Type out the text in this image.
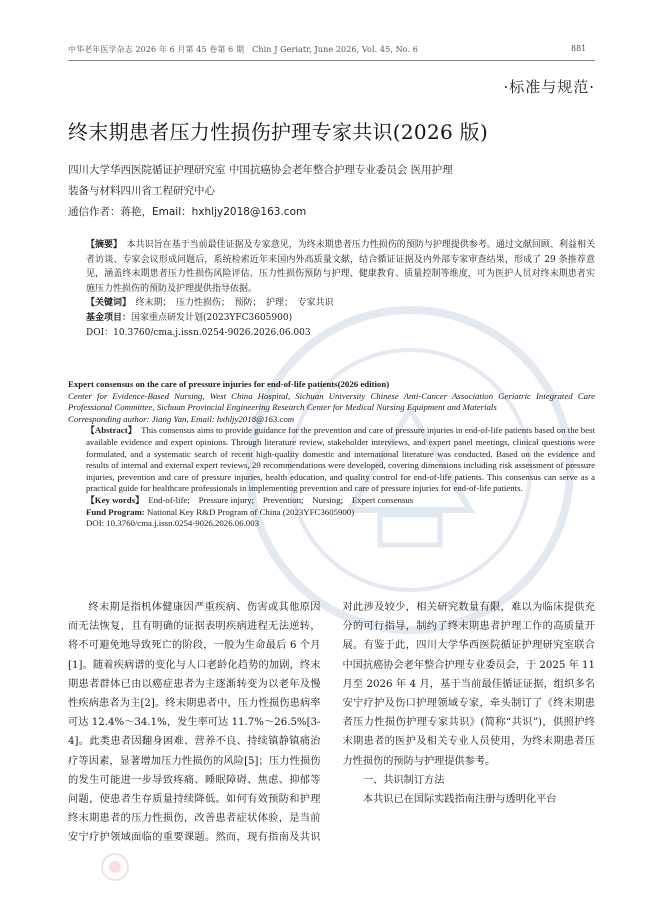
中华老年医学杂志 2026 年 6 月第 45 卷第 6 期　Chin J Geriatr, June 2026, Vol. 45, No. 6	881
·标准与规范·
终末期患者压力性损伤护理专家共识(2026 版)
四川大学华西医院循证护理研究室 中国抗癌协会老年整合护理专业委员会 医用护理
装备与材料四川省工程研究中心
通信作者：蒋艳，Email：hxhljy2018@163.com

【摘要】　 本共识旨在基于当前最佳证据及专家意见，为终末期患者压力性损伤的预防与护理提供参考。通过文献回顾、利益相关者访谈、专家会议形成问题后，系统检索近年来国内外高质量文献，结合循证证据及内外部专家审查结果，形成了 29 条推荐意见，涵盖终末期患者压力性损伤风险评估、压力性损伤预防与护理、健康教育、质量控制等维度，可为医护人员对终末期患者实施压力性损伤的预防及护理提供指导依据。

【关键词】　 终末期；　压力性损伤；　预防；　护理；　专家共识

基金项目：国家重点研发计划(2023YFC3605900)

DOI：10.3760/cma.j.issn.0254-9026.2026.06.003

Expert consensus on the care of pressure injuries for end-of-life patients(2026 edition)

Center for Evidence-Based Nursing, West China Hospital, Sichuan University Chinese Anti-Cancer Association Geriatric Integrated Care Professional Committee, Sichuan Provincial Engineering Research Center for Medical Nursing Equipment and Materials

Corresponding author: Jiang Yan, Email: hxhljy2018@163.com

【Abstract】　 This consensus aims to provide guidance for the prevention and care of pressure injuries in end-of-life patients based on the best available evidence and expert opinions. Through literature review, stakeholder interviews, and expert panel meetings, clinical questions were formulated, and a systematic search of recent high-quality domestic and international literature was conducted. Based on the evidence and results of internal and external expert reviews, 29 recommendations were developed, covering dimensions including risk assessment of pressure injuries, prevention and care of pressure injuries, health education, and quality control for end-of-life patients. This consensus can serve as a practical guide for healthcare professionals in implementing prevention and care of pressure injuries for end-of-life patients.

【Key words】　 End-of-life;　Pressure injury;　Prevention;　Nursing;　Expert consensus

Fund Program: National Key R&D Program of China (2023YFC3605900)

DOI: 10.3760/cma.j.issn.0254-9026.2026.06.003

终末期是指机体健康因严重疾病、伤害或其他原因而无法恢复，且有明确的证据表明疾病进程无法逆转，将不可避免地导致死亡的阶段，一般为生命最后 6 个月[1]。随着疾病谱的变化与人口老龄化趋势的加剧，终末期患者群体已由以癌症患者为主逐渐转变为以老年及慢性疾病患者为主[2]。终末期患者中，压力性损伤患病率可达 12.4%～34.1%，发生率可达 11.7%～26.5%[3-4]。此类患者因翻身困难、营养不良、持续镇静镇痛治疗等因素，显著增加压力性损伤的风险[5]；压力性损伤的发生可能进一步导致疼痛、睡眠障碍、焦虑、抑郁等问题，使患者生存质量持续降低。如何有效预防和护理终末期患者的压力性损伤，改善患者症状体验，是当前安宁疗护领域面临的重要课题。然而，现有指南及共识对此涉及较少，相关研究数量有限，难以为临床提供充分的可行指导，制约了终末期患者护理工作的高质量开展。有鉴于此，四川大学华西医院循证护理研究室联合中国抗癌协会老年整合护理专业委员会，于 2025 年 11 月至 2026 年 4 月，基于当前最佳循证证据，组织多名安宁疗护及伤口护理领域专家，牵头制订了《终末期患者压力性损伤护理专家共识》(简称“共识”)，供照护终末期患者的医护及相关专业人员使用，为终末期患者压力性损伤的预防与护理提供参考。

一、共识制订方法

本共识已在国际实践指南注册与透明化平台
